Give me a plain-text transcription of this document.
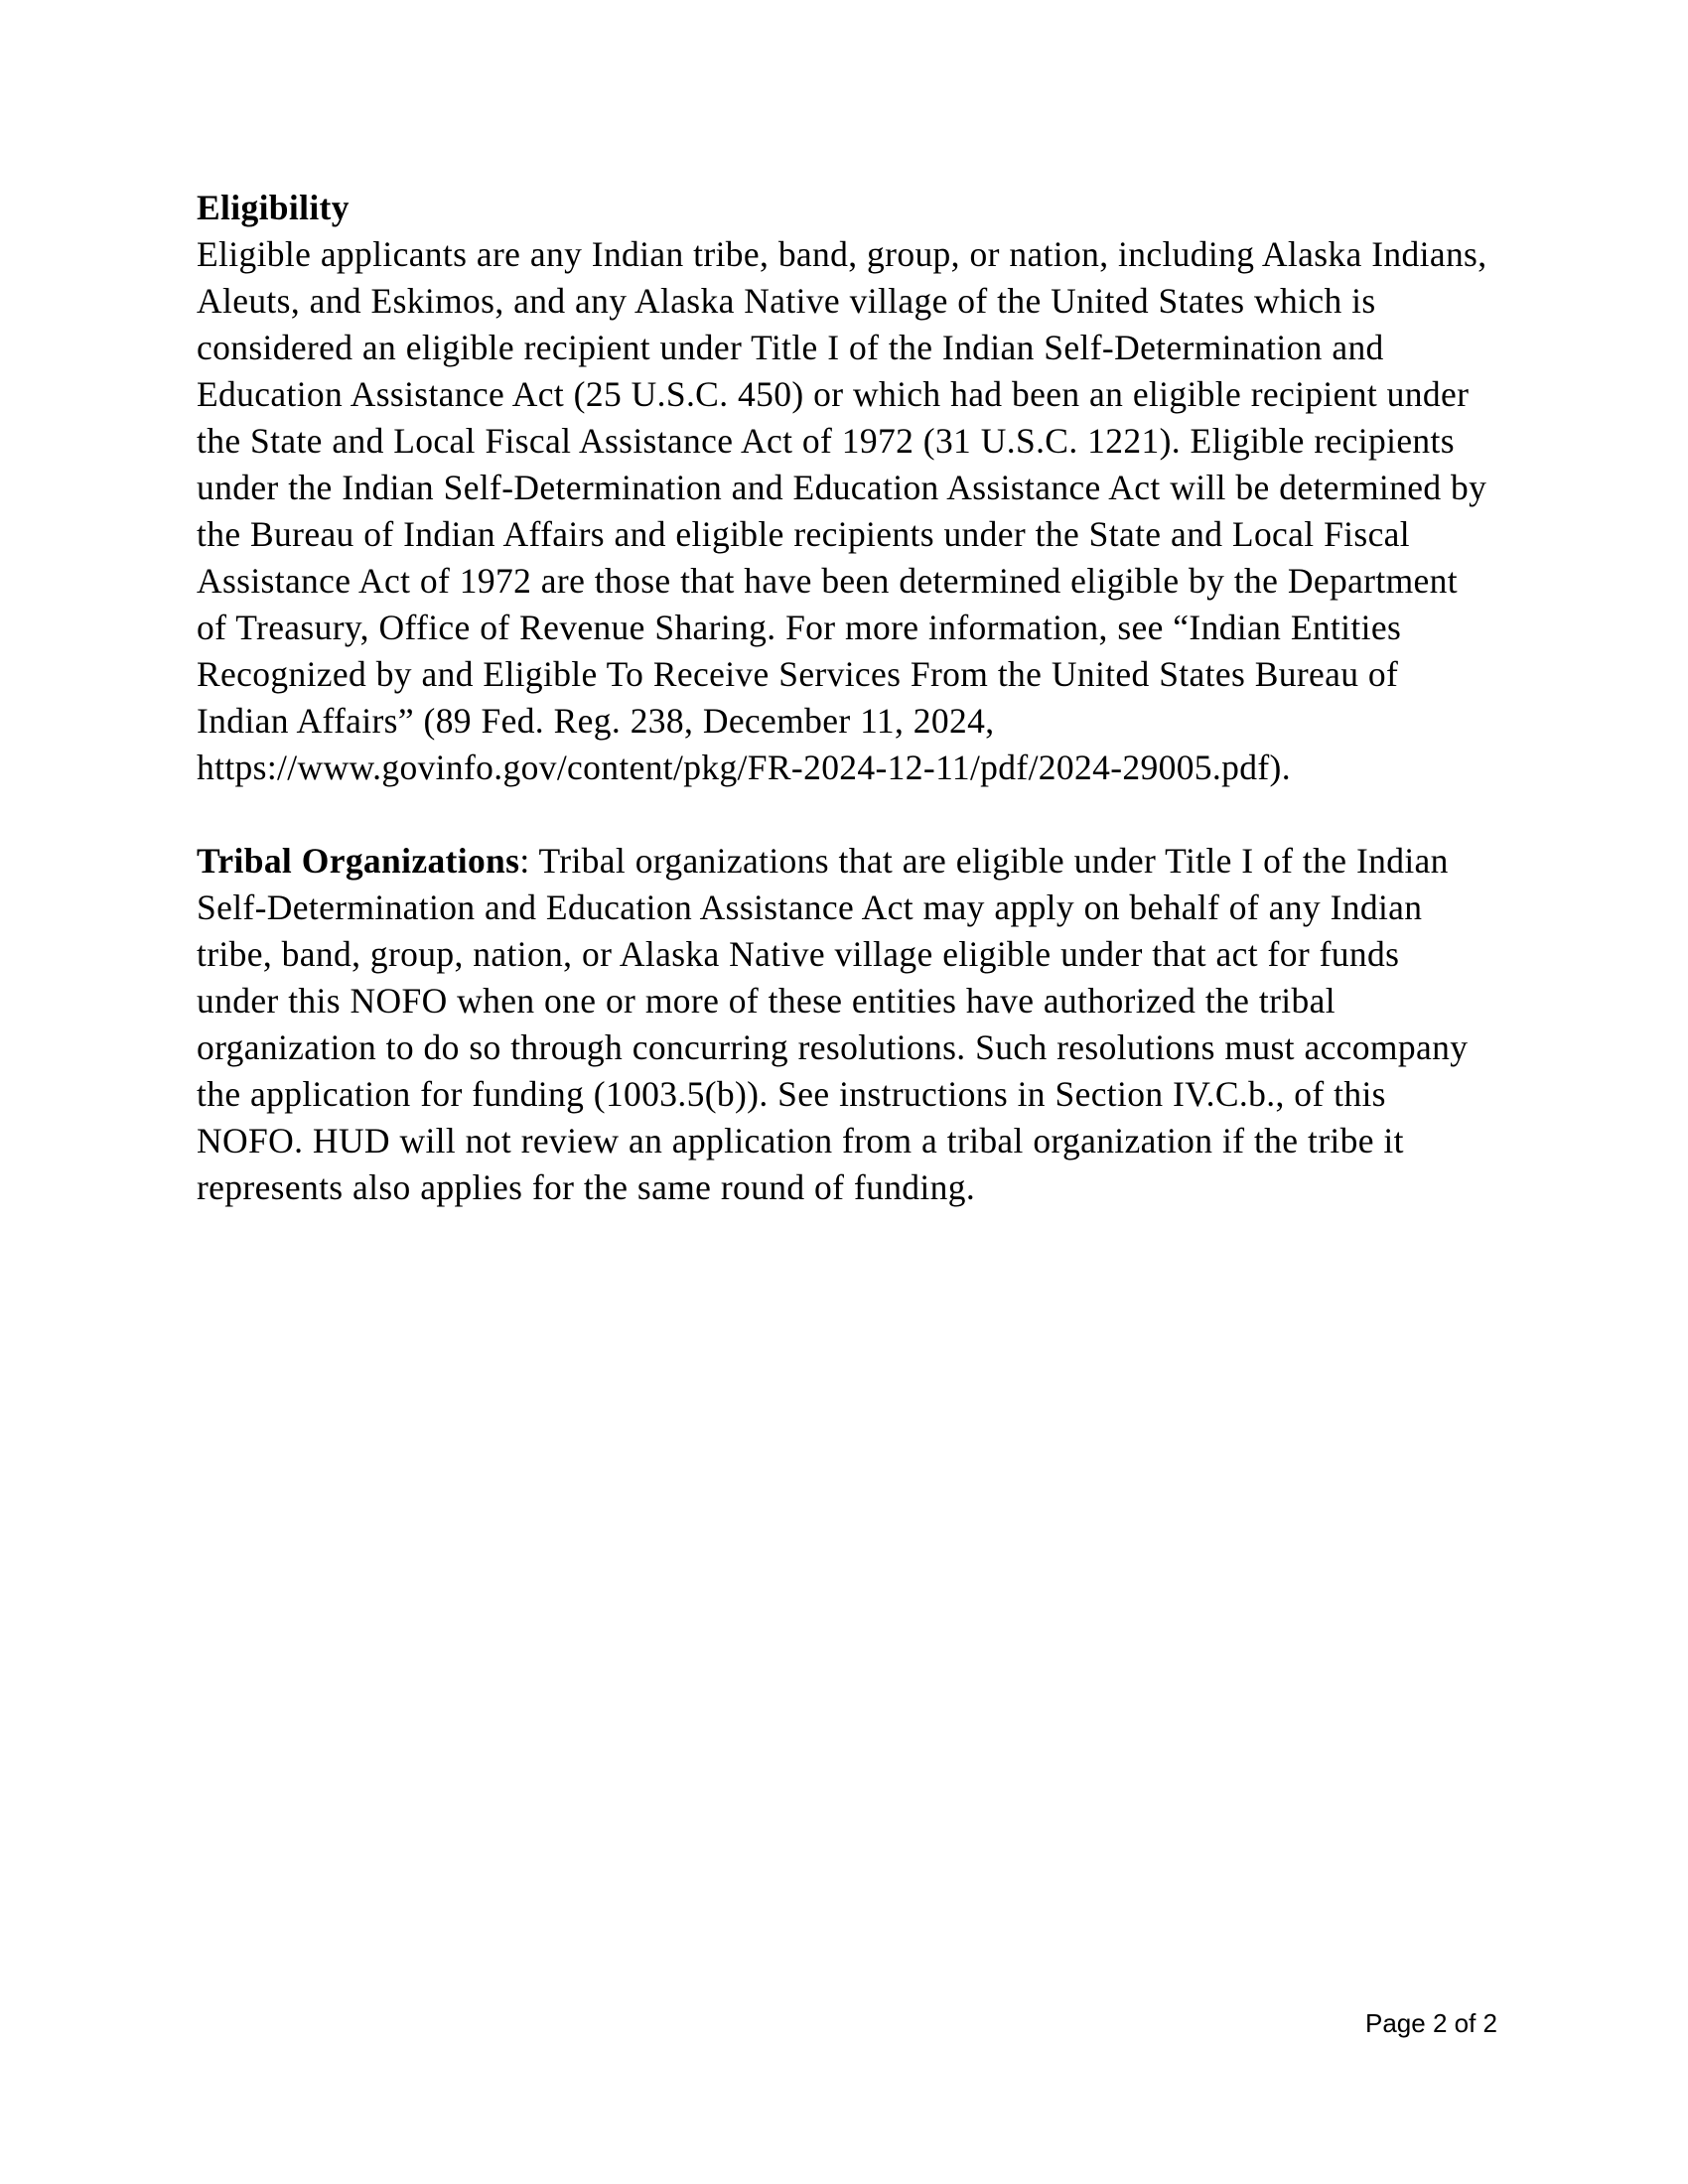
Eligibility

Eligible applicants are any Indian tribe, band, group, or nation, including Alaska Indians, Aleuts, and Eskimos, and any Alaska Native village of the United States which is considered an eligible recipient under Title I of the Indian Self-Determination and Education Assistance Act (25 U.S.C. 450) or which had been an eligible recipient under the State and Local Fiscal Assistance Act of 1972 (31 U.S.C. 1221). Eligible recipients under the Indian Self-Determination and Education Assistance Act will be determined by the Bureau of Indian Affairs and eligible recipients under the State and Local Fiscal Assistance Act of 1972 are those that have been determined eligible by the Department of Treasury, Office of Revenue Sharing. For more information, see “Indian Entities Recognized by and Eligible To Receive Services From the United States Bureau of Indian Affairs” (89 Fed. Reg. 238, December 11, 2024, https://www.govinfo.gov/content/pkg/FR-2024-12-11/pdf/2024-29005.pdf).

Tribal Organizations: Tribal organizations that are eligible under Title I of the Indian Self-Determination and Education Assistance Act may apply on behalf of any Indian tribe, band, group, nation, or Alaska Native village eligible under that act for funds under this NOFO when one or more of these entities have authorized the tribal organization to do so through concurring resolutions. Such resolutions must accompany the application for funding (1003.5(b)). See instructions in Section IV.C.b., of this NOFO. HUD will not review an application from a tribal organization if the tribe it represents also applies for the same round of funding.

Page 2 of 2
